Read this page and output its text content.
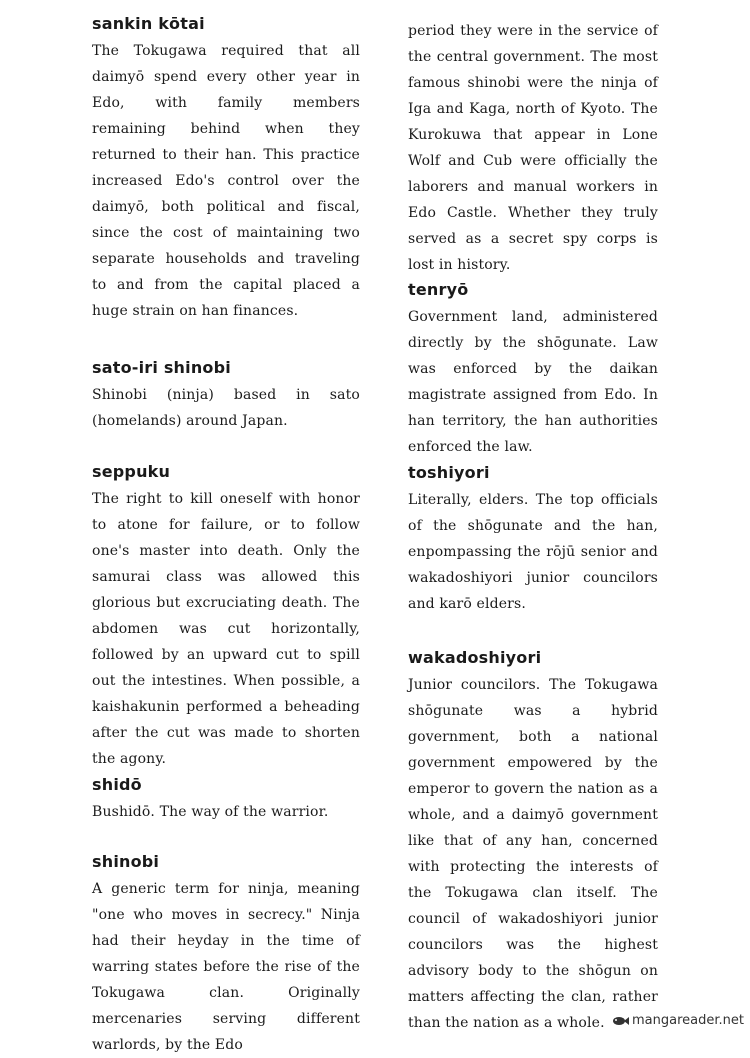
sankin kōtai

The Tokugawa required that all daimyō spend every other year in Edo, with family members remaining behind when they returned to their han. This practice increased Edo's control over the daimyō, both political and fiscal, since the cost of maintaining two separate households and traveling to and from the capital placed a huge strain on han finances.

sato-iri shinobi

Shinobi (ninja) based in sato (homelands) around Japan.

seppuku

The right to kill oneself with honor to atone for failure, or to follow one's master into death. Only the samurai class was allowed this glorious but excruciating death. The abdomen was cut horizontally, followed by an upward cut to spill out the intestines. When possible, a kaishakunin performed a beheading after the cut was made to shorten the agony.

shidō

Bushidō. The way of the warrior.

shinobi

A generic term for ninja, meaning "one who moves in secrecy." Ninja had their heyday in the time of warring states before the rise of the Tokugawa clan. Originally mercenaries serving different warlords, by the Edo

period they were in the service of the central government. The most famous shinobi were the ninja of Iga and Kaga, north of Kyoto. The Kurokuwa that appear in Lone Wolf and Cub were officially the laborers and manual workers in Edo Castle. Whether they truly served as a secret spy corps is lost in history.

tenryō

Government land, administered directly by the shōgunate. Law was enforced by the daikan magistrate assigned from Edo. In han territory, the han authorities enforced the law.

toshiyori

Literally, elders. The top officials of the shōgunate and the han, enpompassing the rōjū senior and wakadoshiyori junior councilors and karō elders.

wakadoshiyori

Junior councilors. The Tokugawa shōgunate was a hybrid government, both a national government empowered by the emperor to govern the nation as a whole, and a daimyō government like that of any han, concerned with protecting the interests of the Tokugawa clan itself. The council of wakadoshiyori junior councilors was the highest advisory body to the shōgun on matters affecting the clan, rather than the nation as a whole.	mangareader.net
